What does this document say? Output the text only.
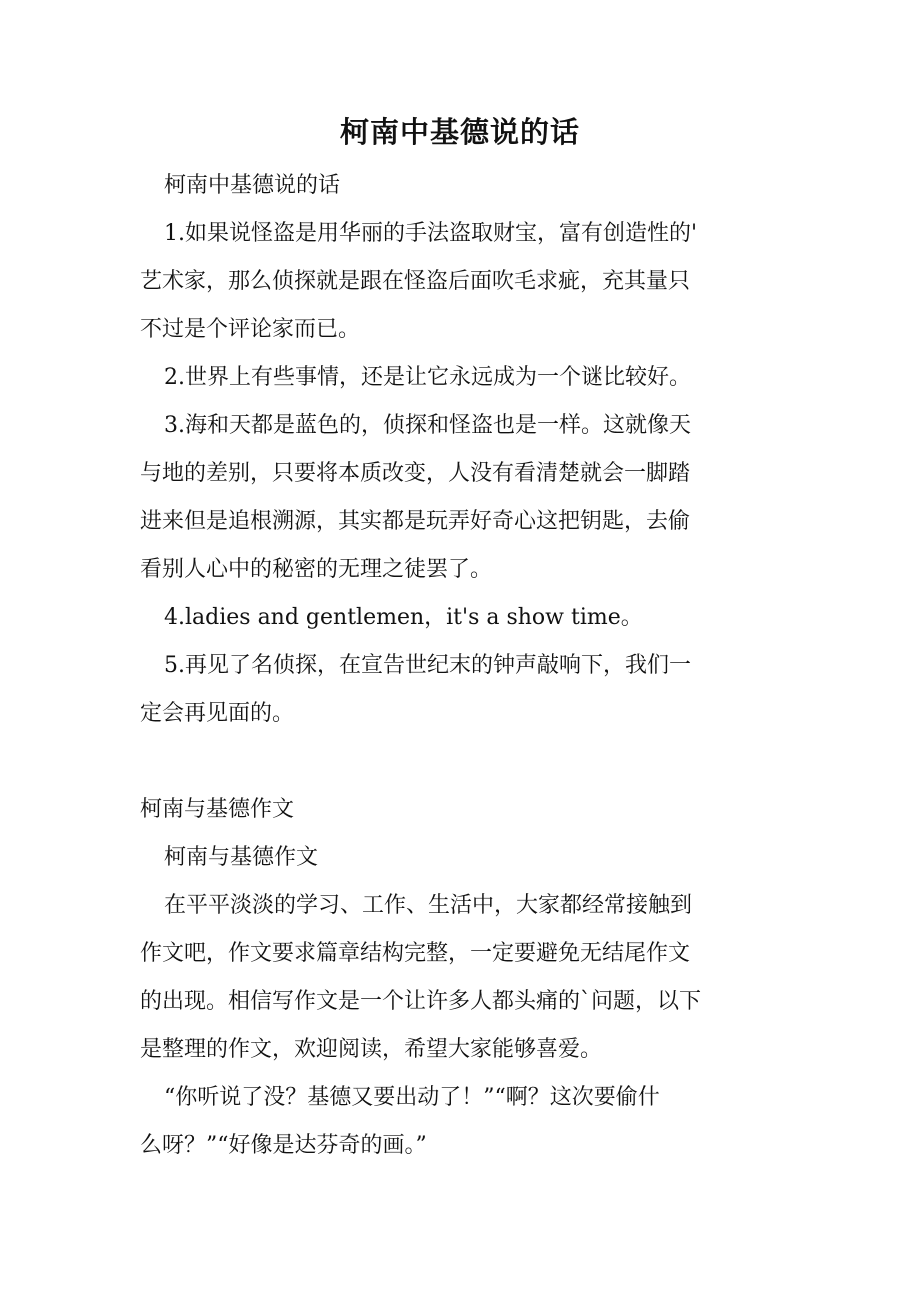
柯南中基德说的话
柯南中基德说的话
1.如果说怪盗是用华丽的手法盗取财宝，富有创造性的'
艺术家，那么侦探就是跟在怪盗后面吹毛求疵，充其量只
不过是个评论家而已。
2.世界上有些事情，还是让它永远成为一个谜比较好。
3.海和天都是蓝色的，侦探和怪盗也是一样。这就像天
与地的差别，只要将本质改变，人没有看清楚就会一脚踏
进来但是追根溯源，其实都是玩弄好奇心这把钥匙，去偷
看别人心中的秘密的无理之徒罢了。
4.ladies and gentlemen，it's a show time。
5.再见了名侦探，在宣告世纪末的钟声敲响下，我们一
定会再见面的。
柯南与基德作文
柯南与基德作文
在平平淡淡的学习、工作、生活中，大家都经常接触到
作文吧，作文要求篇章结构完整，一定要避免无结尾作文
的出现。相信写作文是一个让许多人都头痛的`问题，以下
是整理的作文，欢迎阅读，希望大家能够喜爱。
“你听说了没？基德又要出动了！”“啊？这次要偷什
么呀？”“好像是达芬奇的画。”
